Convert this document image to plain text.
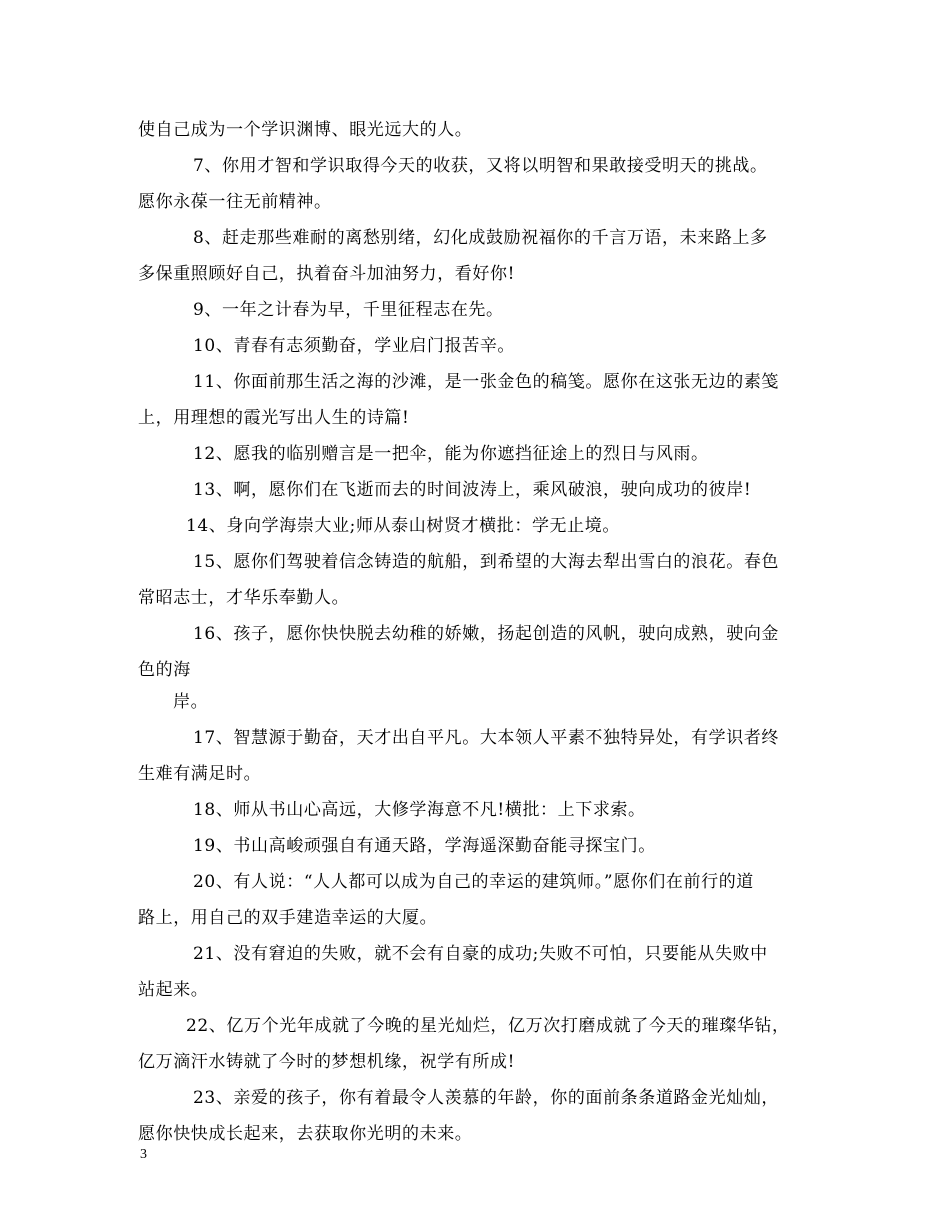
使自己成为一个学识渊博、眼光远大的人。
7、你用才智和学识取得今天的收获，又将以明智和果敢接受明天的挑战。
愿你永葆一往无前精神。
8、赶走那些难耐的离愁别绪，幻化成鼓励祝福你的千言万语，未来路上多
多保重照顾好自己，执着奋斗加油努力，看好你!
9、一年之计春为早，千里征程志在先。
10、青春有志须勤奋，学业启门报苦辛。
11、你面前那生活之海的沙滩，是一张金色的稿笺。愿你在这张无边的素笺
上，用理想的霞光写出人生的诗篇!
12、愿我的临别赠言是一把伞，能为你遮挡征途上的烈日与风雨。
13、啊，愿你们在飞逝而去的时间波涛上，乘风破浪，驶向成功的彼岸!
14、身向学海崇大业;师从泰山树贤才横批：学无止境。
15、愿你们驾驶着信念铸造的航船，到希望的大海去犁出雪白的浪花。春色
常昭志士，才华乐奉勤人。
16、孩子，愿你快快脱去幼稚的娇嫩，扬起创造的风帆，驶向成熟，驶向金
色的海
岸。
17、智慧源于勤奋，天才出自平凡。大本领人平素不独特异处，有学识者终
生难有满足时。
18、师从书山心高远，大修学海意不凡!横批：上下求索。
19、书山高峻顽强自有通天路，学海遥深勤奋能寻探宝门。
20、有人说：“人人都可以成为自己的幸运的建筑师。”愿你们在前行的道
路上，用自己的双手建造幸运的大厦。
21、没有窘迫的失败，就不会有自豪的成功;失败不可怕，只要能从失败中
站起来。
22、亿万个光年成就了今晚的星光灿烂，亿万次打磨成就了今天的璀璨华钻，
亿万滴汗水铸就了今时的梦想机缘，祝学有所成!
23、亲爱的孩子，你有着最令人羡慕的年龄，你的面前条条道路金光灿灿，
愿你快快成长起来，去获取你光明的未来。
3
